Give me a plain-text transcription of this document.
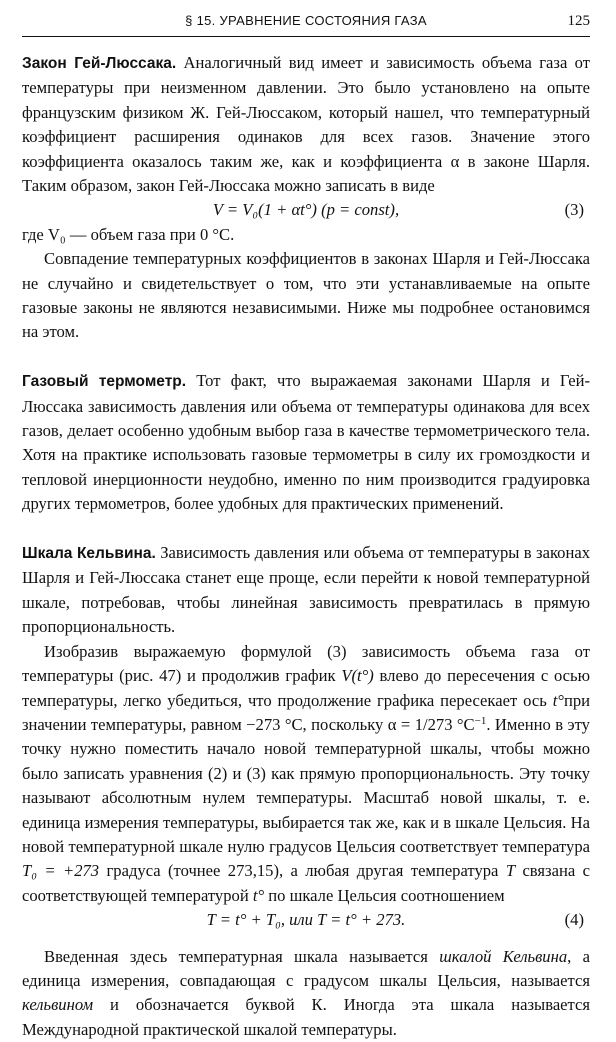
§ 15. УРАВНЕНИЕ СОСТОЯНИЯ ГАЗА	125

Закон Гей-Люссака. Аналогичный вид имеет и зависимость объема газа от температуры при неизменном давлении. Это было установлено на опыте французским физиком Ж. Гей-Люссаком, который нашел, что температурный коэффициент расширения одинаков для всех газов. Значение этого коэффициента оказалось таким же, как и коэффициента α в законе Шарля. Таким образом, закон Гей-Люссака можно записать в виде

V = V₀(1 + αt°) (p = const),	(3)

где V₀ — объем газа при 0 °C.

Совпадение температурных коэффициентов в законах Шарля и Гей-Люссака не случайно и свидетельствует о том, что эти устанавливаемые на опыте газовые законы не являются независимыми. Ниже мы подробнее остановимся на этом.

Газовый термометр. Тот факт, что выражаемая законами Шарля и Гей-Люссака зависимость давления или объема от температуры одинакова для всех газов, делает особенно удобным выбор газа в качестве термометрического тела. Хотя на практике использовать газовые термометры в силу их громоздкости и тепловой инерционности неудобно, именно по ним производится градуировка других термометров, более удобных для практических применений.

Шкала Кельвина. Зависимость давления или объема от температуры в законах Шарля и Гей-Люссака станет еще проще, если перейти к новой температурной шкале, потребовав, чтобы линейная зависимость превратилась в прямую пропорциональность.

Изобразив выражаемую формулой (3) зависимость объема газа от температуры (рис. 47) и продолжив график V(t°) влево до пересечения с осью температуры, легко убедиться, что продолжение графика пересекает ось t°при значении температуры, равном −273 °C, поскольку α = 1/273 $^\circ C^{-1}$. Именно в эту точку нужно поместить начало новой температурной шкалы, чтобы можно было записать уравнения (2) и (3) как прямую пропорциональность. Эту точку называют абсолютным нулем температуры. Масштаб новой шкалы, т. е. единица измерения температуры, выбирается так же, как и в шкале Цельсия. На новой температурной шкале нулю градусов Цельсия соответствует температура T₀ = +273 градуса (точнее 273,15), а любая другая температура T связана с соответствующей температурой t° по шкале Цельсия соотношением

T = t° + T₀, или T = t° + 273.	(4)

Введенная здесь температурная шкала называется шкалой Кельвина, а единица измерения, совпадающая с градусом шкалы Цельсия, называется кельвином и обозначается буквой К. Иногда эта шкала называется Международной практической шкалой температуры.
